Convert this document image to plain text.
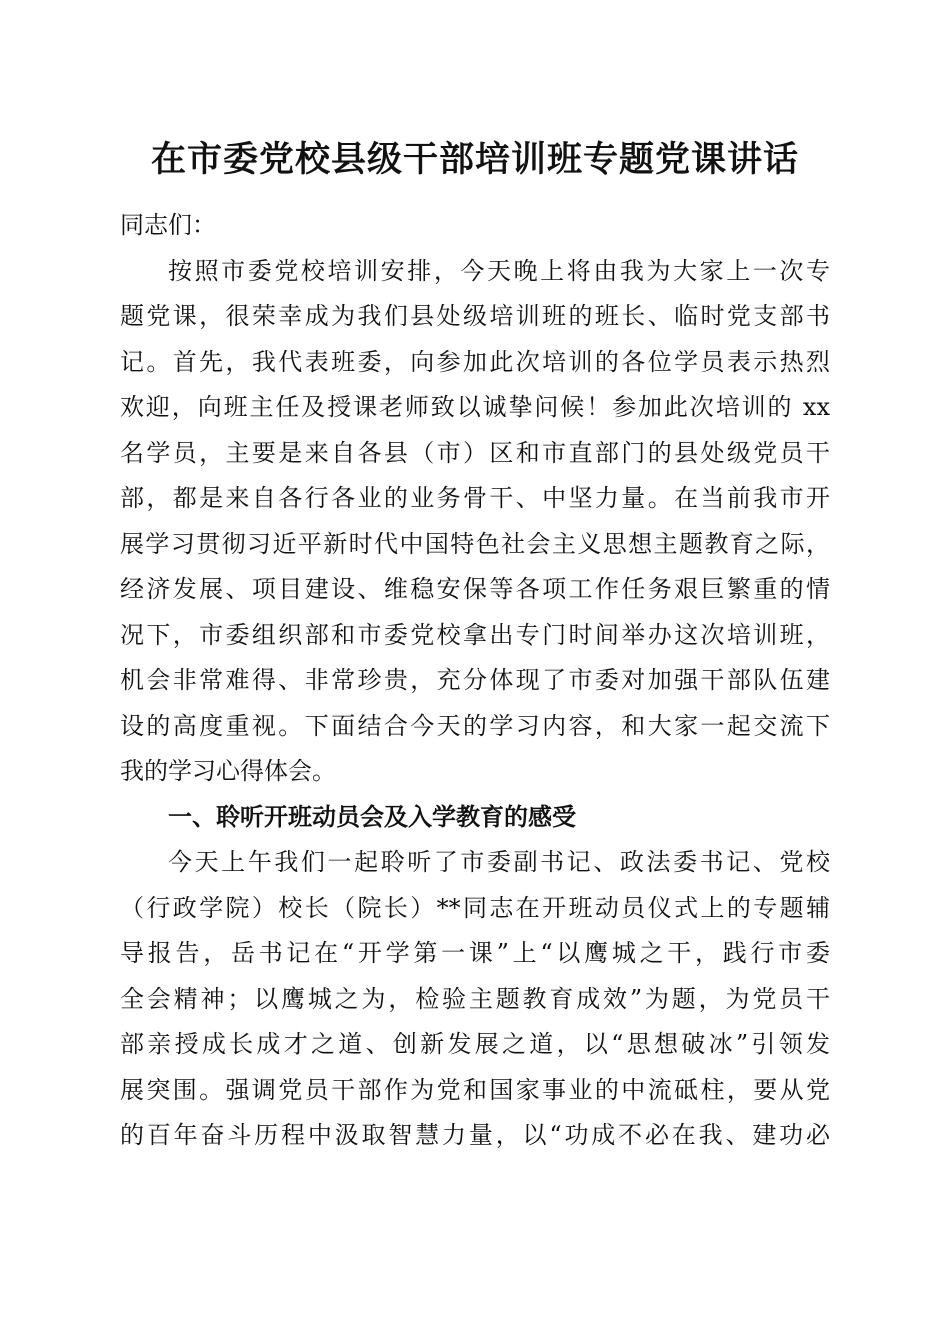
在市委党校县级干部培训班专题党课讲话
同志们：
按照市委党校培训安排，今天晚上将由我为大家上一次专
题党课，很荣幸成为我们县处级培训班的班长、临时党支部书
记。首先，我代表班委，向参加此次培训的各位学员表示热烈
欢迎，向班主任及授课老师致以诚挚问候！参加此次培训的 xx
名学员，主要是来自各县（市）区和市直部门的县处级党员干
部，都是来自各行各业的业务骨干、中坚力量。在当前我市开
展学习贯彻习近平新时代中国特色社会主义思想主题教育之际，
经济发展、项目建设、维稳安保等各项工作任务艰巨繁重的情
况下，市委组织部和市委党校拿出专门时间举办这次培训班，
机会非常难得、非常珍贵，充分体现了市委对加强干部队伍建
设的高度重视。下面结合今天的学习内容，和大家一起交流下
我的学习心得体会。
一、聆听开班动员会及入学教育的感受
今天上午我们一起聆听了市委副书记、政法委书记、党校
（行政学院）校长（院长）**同志在开班动员仪式上的专题辅
导报告，岳书记在“开学第一课”上“以鹰城之干，践行市委
全会精神；以鹰城之为，检验主题教育成效”为题，为党员干
部亲授成长成才之道、创新发展之道，以“思想破冰”引领发
展突围。强调党员干部作为党和国家事业的中流砥柱，要从党
的百年奋斗历程中汲取智慧力量，以“功成不必在我、建功必
